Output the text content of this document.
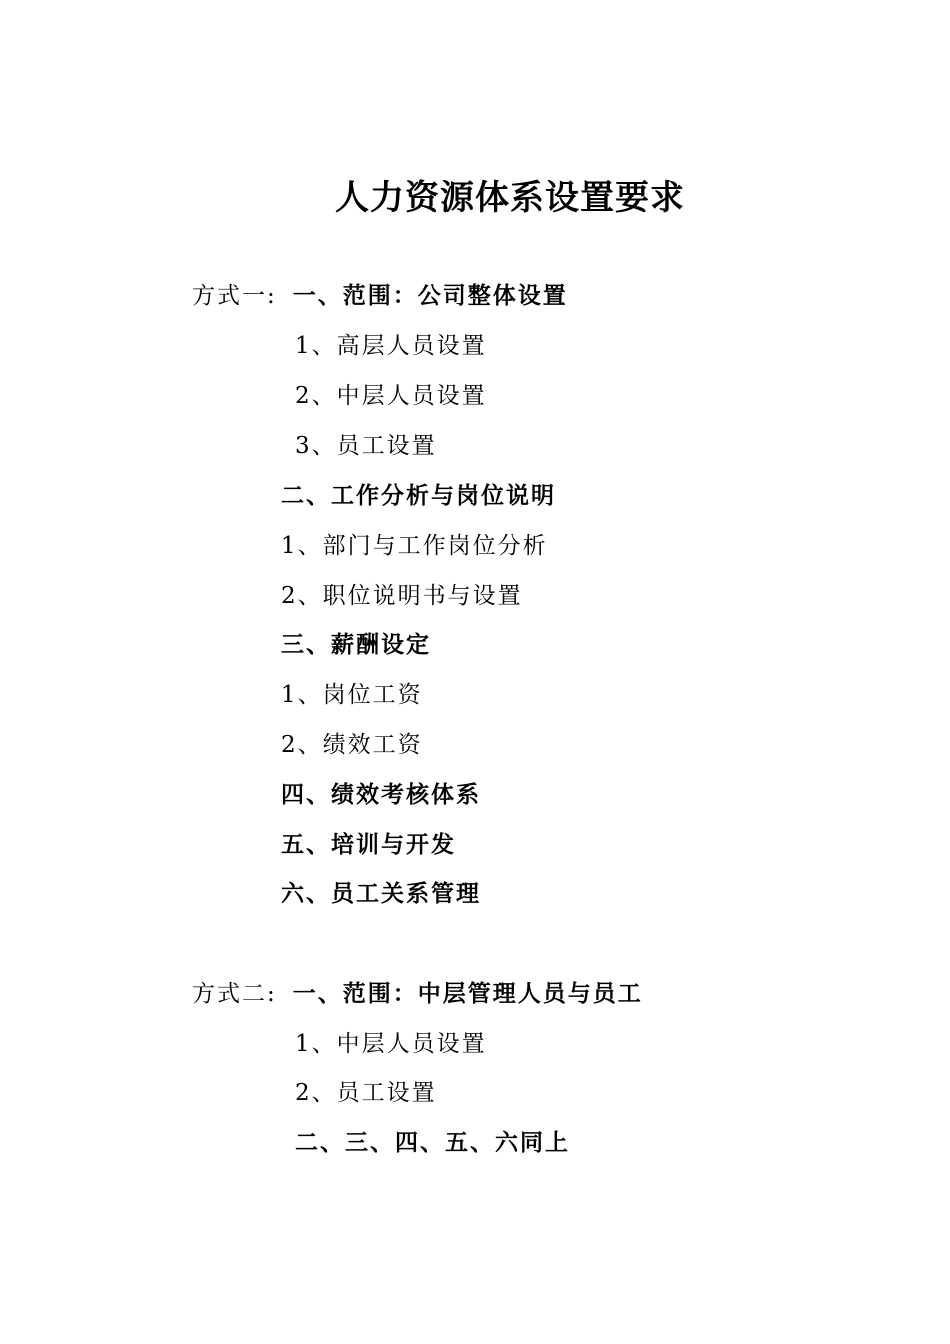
人力资源体系设置要求
方式一: 一、范围：公司整体设置
1、高层人员设置
2、中层人员设置
3、员工设置
二、工作分析与岗位说明
1、部门与工作岗位分析
2、职位说明书与设置
三、薪酬设定
1、岗位工资
2、绩效工资
四、绩效考核体系
五、培训与开发
六、员工关系管理
方式二: 一、范围：中层管理人员与员工
1、中层人员设置
2、员工设置
二、三、四、五、六同上
